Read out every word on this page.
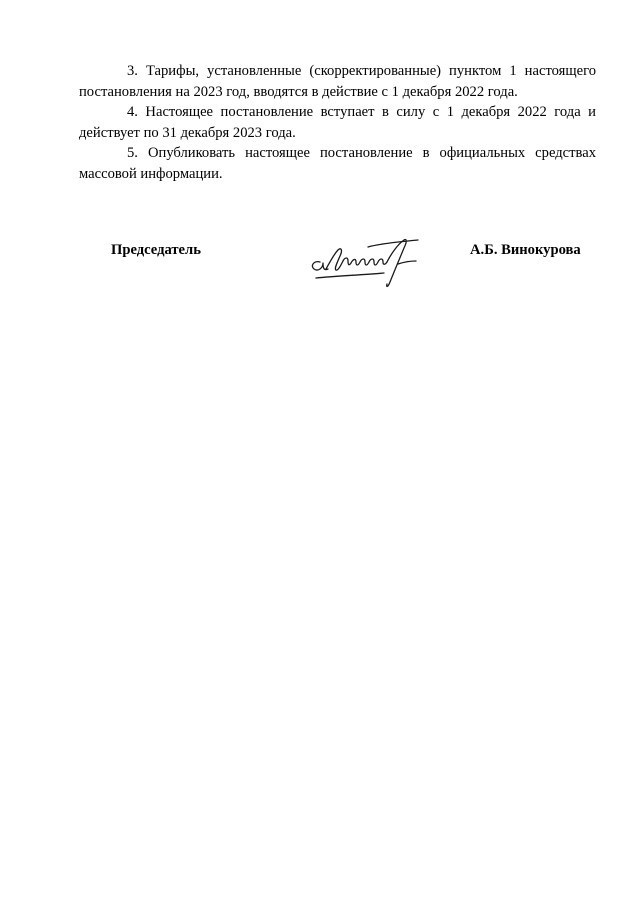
3. Тарифы, установленные (скорректированные) пунктом 1 настоящего постановления на 2023 год, вводятся в действие с 1 декабря 2022 года.

4. Настоящее постановление вступает в силу с 1 декабря 2022 года и действует по 31 декабря 2023 года.

5. Опубликовать настоящее постановление в официальных средствах массовой информации.

Председатель	А.Б. Винокурова
